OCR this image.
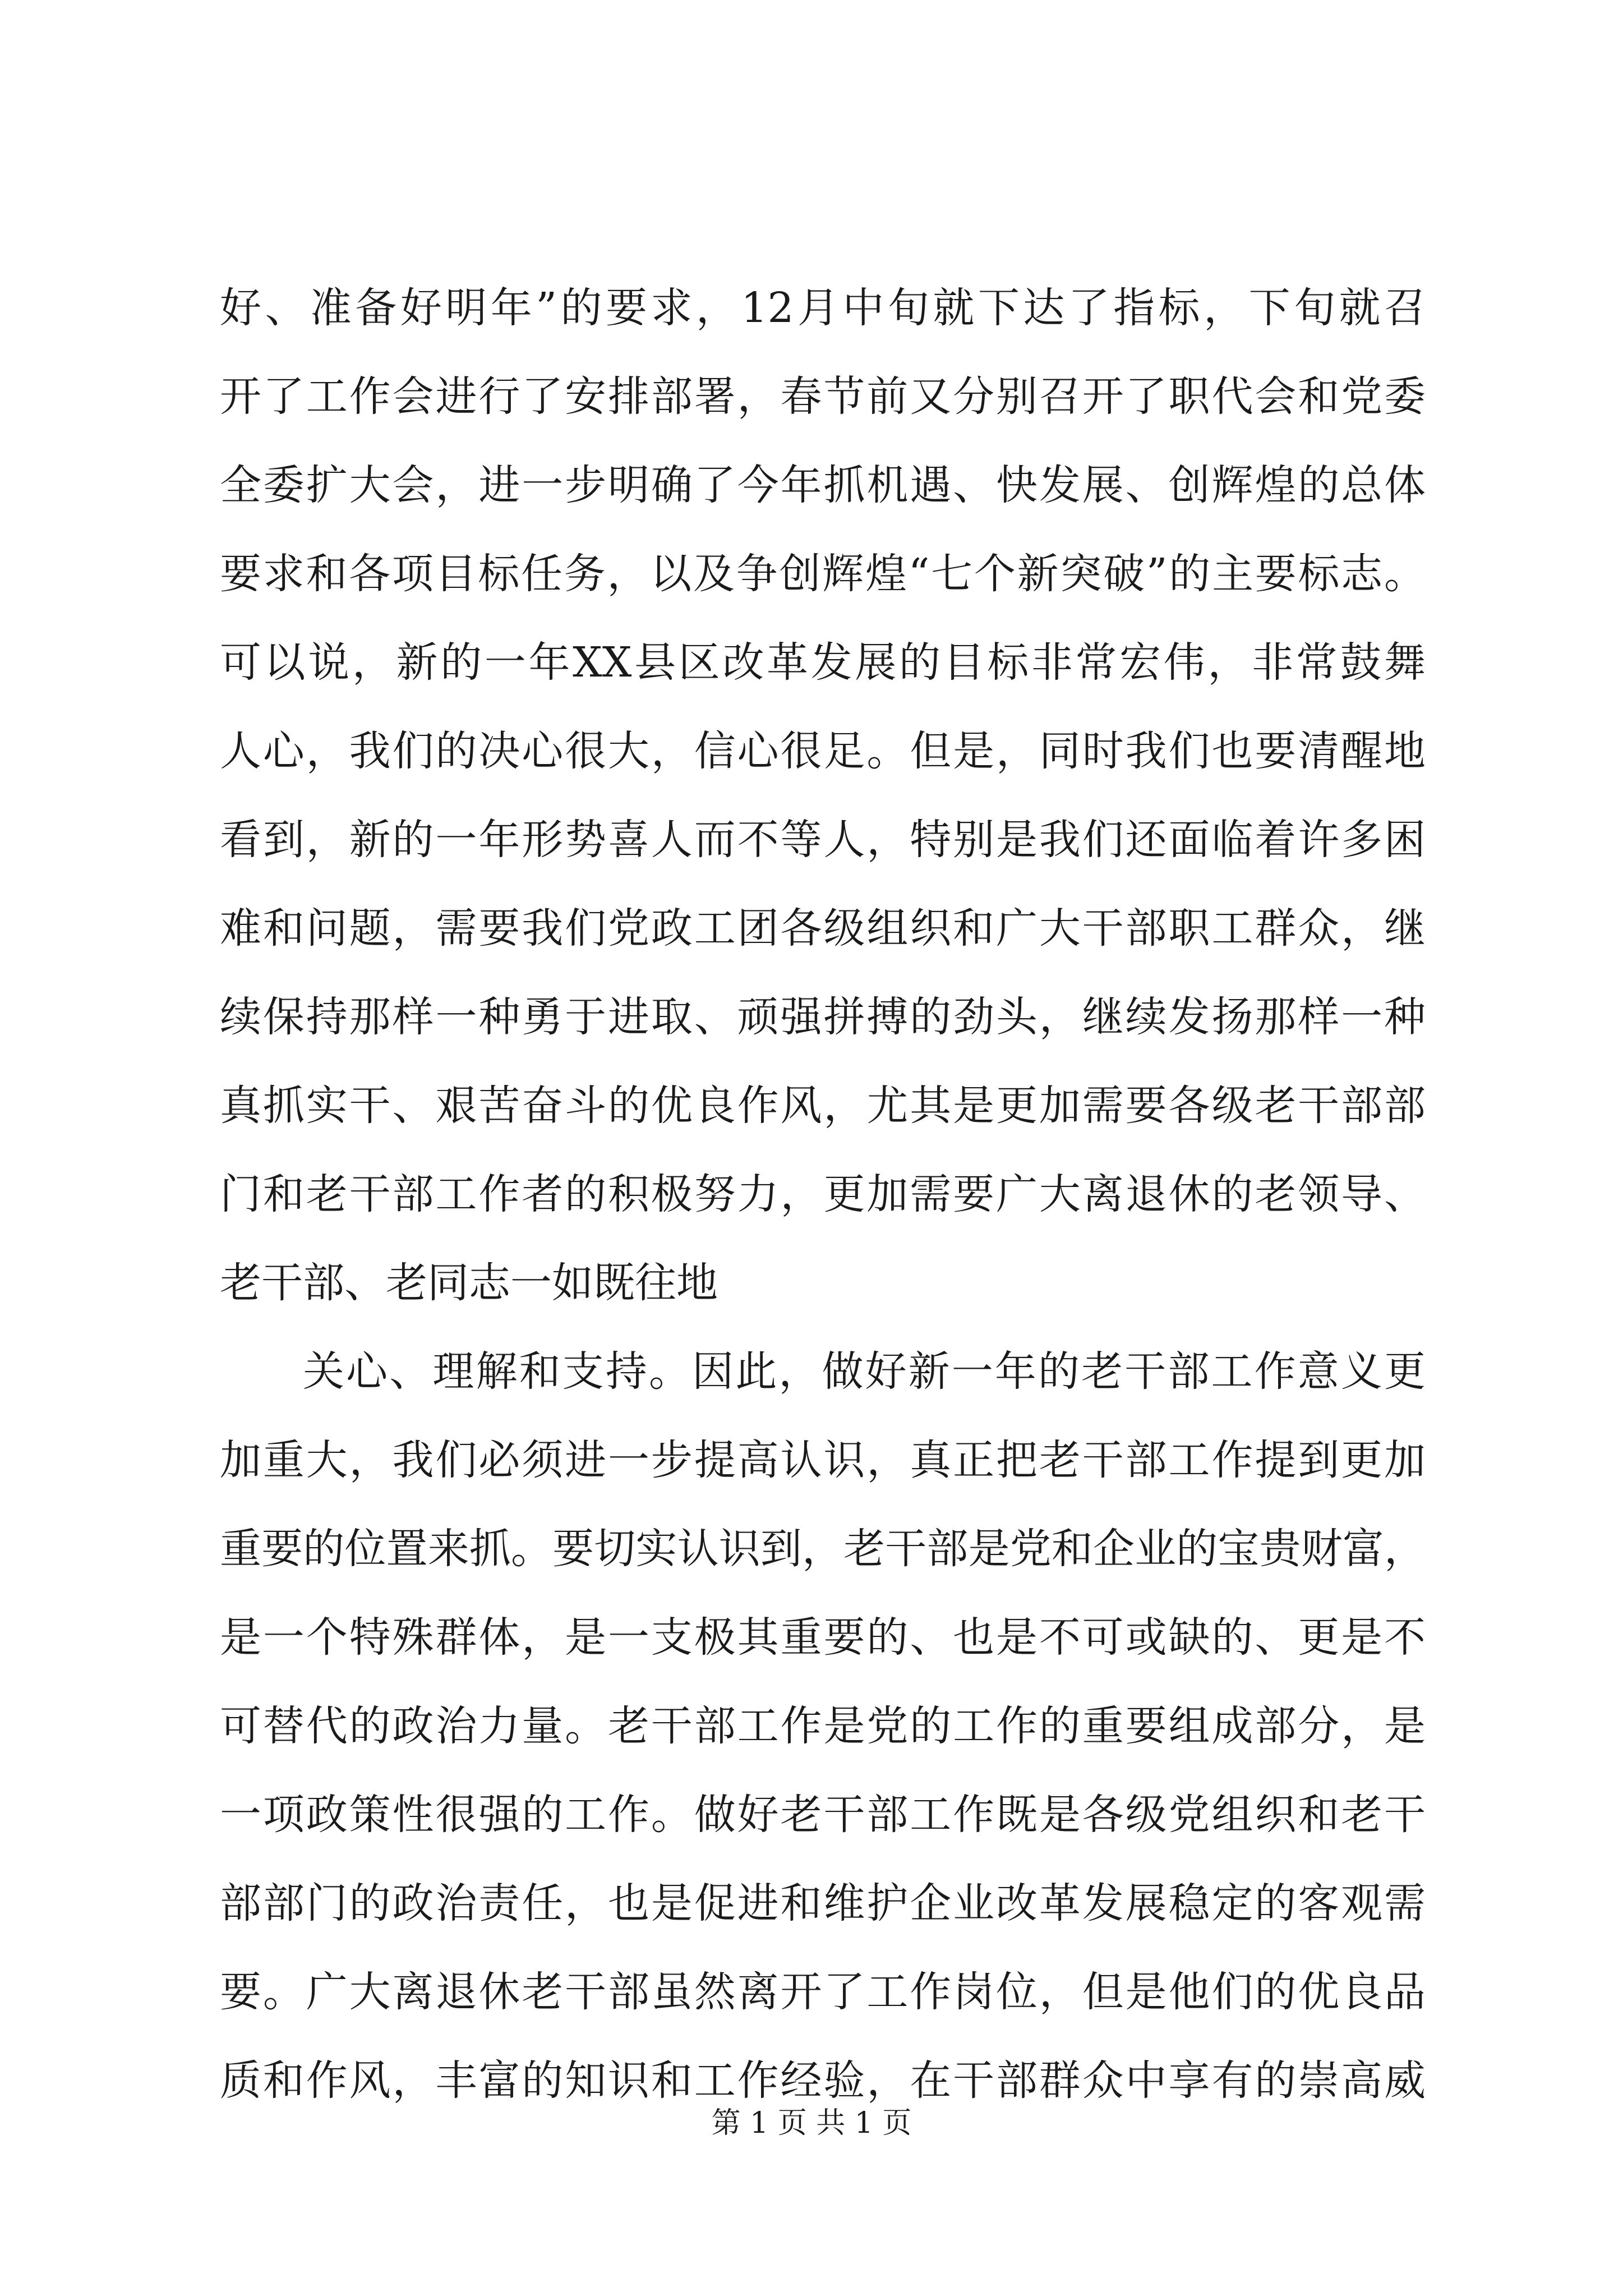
好、准备好明年”的要求，12月中旬就下达了指标，下旬就召
开了工作会进行了安排部署，春节前又分别召开了职代会和党委
全委扩大会，进一步明确了今年抓机遇、快发展、创辉煌的总体
要求和各项目标任务，以及争创辉煌“七个新突破”的主要标志。
可以说，新的一年XX县区改革发展的目标非常宏伟，非常鼓舞
人心，我们的决心很大，信心很足。但是，同时我们也要清醒地
看到，新的一年形势喜人而不等人，特别是我们还面临着许多困
难和问题，需要我们党政工团各级组织和广大干部职工群众，继
续保持那样一种勇于进取、顽强拼搏的劲头，继续发扬那样一种
真抓实干、艰苦奋斗的优良作风，尤其是更加需要各级老干部部
门和老干部工作者的积极努力，更加需要广大离退休的老领导、
老干部、老同志一如既往地
关心、理解和支持。因此，做好新一年的老干部工作意义更
加重大，我们必须进一步提高认识，真正把老干部工作提到更加
重要的位置来抓。要切实认识到，老干部是党和企业的宝贵财富，
是一个特殊群体，是一支极其重要的、也是不可或缺的、更是不
可替代的政治力量。老干部工作是党的工作的重要组成部分，是
一项政策性很强的工作。做好老干部工作既是各级党组织和老干
部部门的政治责任，也是促进和维护企业改革发展稳定的客观需
要。广大离退休老干部虽然离开了工作岗位，但是他们的优良品
质和作风，丰富的知识和工作经验，在干部群众中享有的崇高威
第 1 页 共 1 页
